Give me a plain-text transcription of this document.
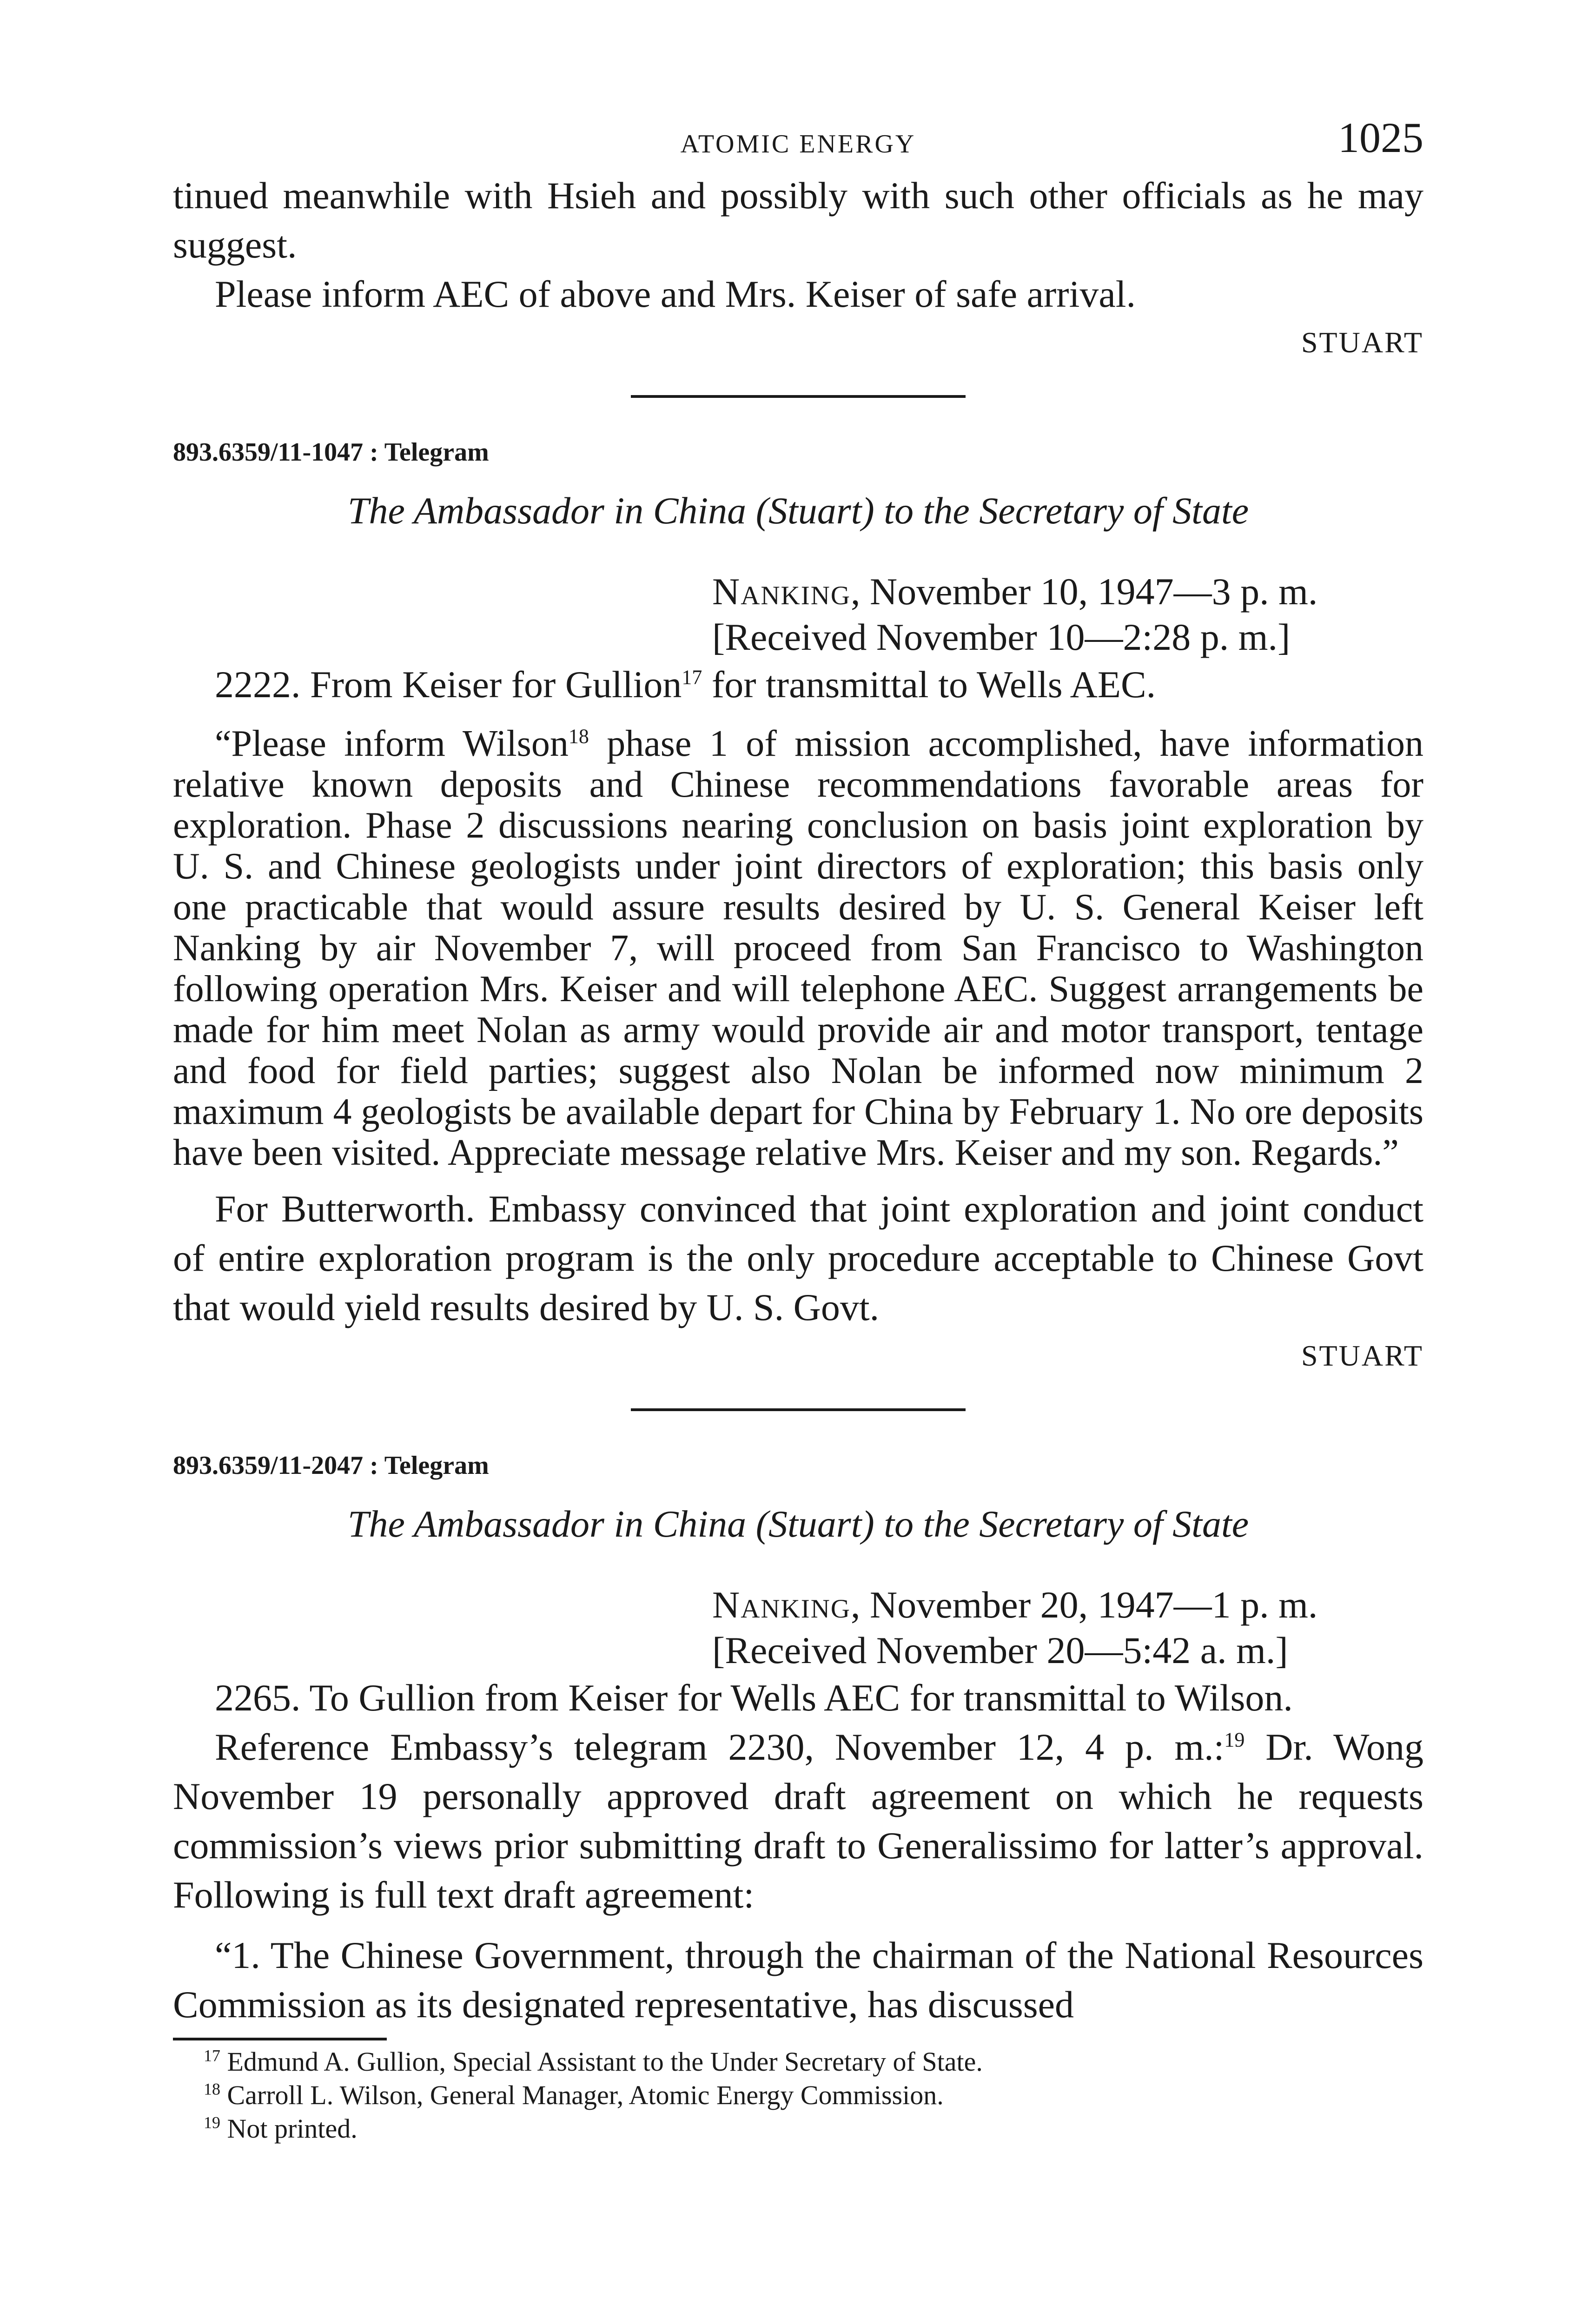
ATOMIC ENERGY	1025

tinued meanwhile with Hsieh and possibly with such other officials as he may suggest.

Please inform AEC of above and Mrs. Keiser of safe arrival.

STUART

893.6359/11-1047 : Telegram

The Ambassador in China (Stuart) to the Secretary of State

Nanking, November 10, 1947—3 p. m.
[Received November 10—2:28 p. m.]

2222. From Keiser for Gullion$^{17}$ for transmittal to Wells AEC.

“Please inform Wilson$^{18}$ phase 1 of mission accomplished, have information relative known deposits and Chinese recommendations favorable areas for exploration. Phase 2 discussions nearing conclusion on basis joint exploration by U. S. and Chinese geologists under joint directors of exploration; this basis only one practicable that would assure results desired by U. S. General Keiser left Nanking by air November 7, will proceed from San Francisco to Washington following operation Mrs. Keiser and will telephone AEC. Suggest arrangements be made for him meet Nolan as army would provide air and motor transport, tentage and food for field parties; suggest also Nolan be informed now minimum 2 maximum 4 geologists be available depart for China by February 1. No ore deposits have been visited. Appreciate message relative Mrs. Keiser and my son. Regards.”

For Butterworth. Embassy convinced that joint exploration and joint conduct of entire exploration program is the only procedure acceptable to Chinese Govt that would yield results desired by U. S. Govt.

STUART

893.6359/11-2047 : Telegram

The Ambassador in China (Stuart) to the Secretary of State

Nanking, November 20, 1947—1 p. m.
[Received November 20—5:42 a. m.]

2265. To Gullion from Keiser for Wells AEC for transmittal to Wilson.

Reference Embassy’s telegram 2230, November 12, 4 p. m.:$^{19}$ Dr. Wong November 19 personally approved draft agreement on which he requests commission’s views prior submitting draft to Generalissimo for latter’s approval. Following is full text draft agreement:

“1. The Chinese Government, through the chairman of the National Resources Commission as its designated representative, has discussed

$^{17}$ Edmund A. Gullion, Special Assistant to the Under Secretary of State.

$^{18}$ Carroll L. Wilson, General Manager, Atomic Energy Commission.

$^{19}$ Not printed.
